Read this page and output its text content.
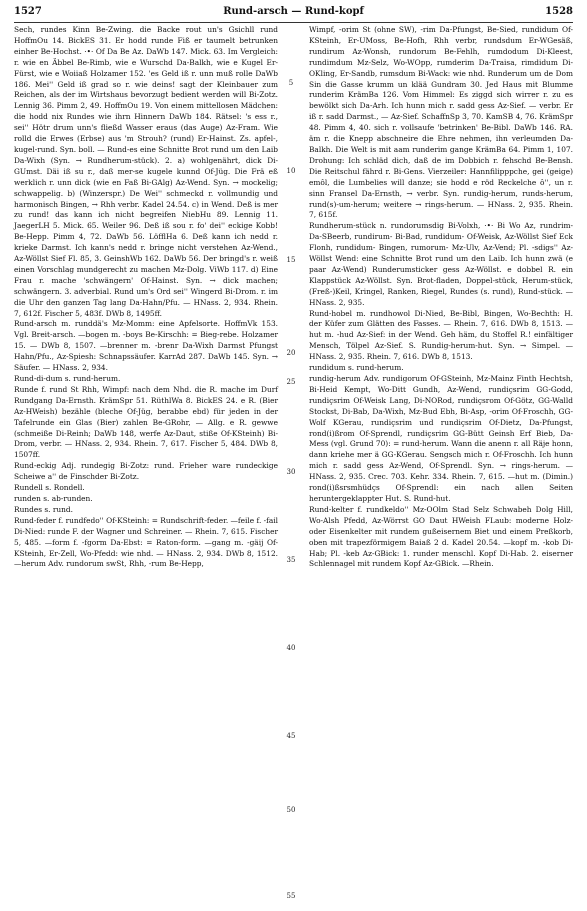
1527	Rund-arsch — Rund-kopf	1528

Sech, rundes Kinn Be-Zwing. die Backe rout un's Gsichll rund HoffmOu 14. BickES 31. Er hodd runde Fiß er taumelt betrunken einher Be-Hochst. ·•· Of Da Be Az. DaWb 147. Mick. 63. Im Vergleich: r. wie en Äbbel Be-Rimb, wie e Wurschd Da-Balkh, wie e Kugel Er-Fürst, wie e Woiiaß Holzamer 152. 'es Geld iß r. unn muß rolle DaWb 186. Mei'' Geld iß grad so r. wie deins! sagt der Kleinbauer zum Reichen, als der im Wirtshaus bevorzugt bedient werden will Bi-Zotz. Lennig 36. Pimm 2, 49. HoffmOu 19. Von einem mittellosen Mädchen: die hodd nix Rundes wie ihrn Hinnern DaWb 184. Rätsel: 's ess r., sei'' Hötr drum unn's fließd Wasser eraus (das Auge) Az-Fram. Wie rolld die Erwes (Erbse) aus 'm Strouh? (rund) Er-Hainst. Zs. apfel-, kugel-rund. Syn. boll. — Rund-es eine Schnitte Brot rund um den Laib Da-Wixh (Syn. → Rundherum-stück). 2. a) wohlgenährt, dick Di-GUmst. Däi iß su r., daß mer-se kugele kunnd Of-Jüg. Die Frä eß werklich r. unn dick (wie en Faß Bi-GAlg) Az-Wend. Syn. → mockelig; schwappelig. b) (Winzerspr.) De Wei'' schmeckd r. vollmundig und harmonisch Bingen, → Rhh verbr. Kadel 24.54. c) in Wend. Deß is mer zu rund! das kann ich nicht begreifen NiebHu 89. Lennig 11. JaegerLH 5. Mick. 65. Weiler 96. Deß iß sou r. fo' dei'' eckige Kobb! Be-Hepp. Pimm 4, 72. DaWb 56. LöfflHa 6. Deß kann ich nedd r. krieke Darmst. Ich kann's nedd r. bringe nicht verstehen Az-Wend., Az-Wöllst Sief Fl. 85, 3. GeinshWb 162. DaWb 56. Der bringd's r. weiß einen Vorschlag mundgerecht zu machen Mz-Dolg. ViWb 117. d) Eine Frau r. mache 'schwängern' Of-Hainst. Syn. → dick machen; schwängern. 3. adverbial. Rund um's Ord sei'' Wingerd Bi-Drom. r. im die Uhr den ganzen Tag lang Da-Hahn/Pfu. — HNass. 2, 934. Rhein. 7, 612f. Fischer 5, 483f. DWb 8, 1495ff.

Rund-arsch m. runddä's Mz-Momm: eine Apfelsorte. HoffmVk 153. Vgl. Breit-arsch. —bogen m. -boys Be-Kirschh: = Bieg-rebe. Holzamer 15. — DWb 8, 1507. —brenner m. -brenr Da-Wixh Darmst Pfungst Hahn/Pfu., Az-Spiesh: Schnapssäufer. KarrAd 287. DaWb 145. Syn. → Säufer. — HNass. 2, 934.

Rund-di-dum s. rund-herum.

Runde f. rund St Rhh, Wimpf: nach dem Nhd. die R. mache im Durf Rundgang Da-Ernsth. KrämSpr 51. RüthlWa 8. BickES 24. e R. (Bier Az-HWeish) bezähle (bleche Of-Jüg, berabbe ebd) für jeden in der Tafelrunde ein Glas (Bier) zahlen Be-GRohr, — Allg. e R. gewwe (schmeiße Di-Reinh; DaWb 148, werfe Az-Daut, stiße Of-KSteinh) Bi-Drom, verbr. — HNass. 2, 934. Rhein. 7, 617. Fischer 5, 484. DWb 8, 1507ff.

Rund-eckig Adj. rundegig Bi-Zotz: rund. Frieher ware rundeckige Scheiwe a'' de Finschder Bi-Zotz.

Rundell s. Rondell.

runden s. ab-runden.

Rundes s. rund.

Rund-feder f. rundfedo'' Of-KSteinh: = Rundschrift-feder. —feile f. -fail Di-Nied: runde F. der Wagner und Schreiner. — Rhein. 7, 615. Fischer 5, 485. —form f. -fgorm Da-Ebst: = Raton-form. —gang m. -gäij Of-KSteinh, Er-Zell, Wo-Pfedd: wie nhd. — HNass. 2, 934. DWb 8, 1512. —herum Adv. rundorum swSt, Rhh, -rum Be-Hepp,

5
10
15
20
25
30
35
40
45
50
55

Wimpf, -orim St (ohne SW), -rim Da-Pfungst, Be-Sied, rundidum Of-KSteinh, Er-UMoss, Be-Hofh, Rhh verbr, rundsdum Er-WGesäß, rundirum Az-Wonsh, rundorum Be-Fehlh, rumdodum Di-Kleest, rundimdum Mz-Selz, Wo-WOpp, rumderim Da-Traisa, rimdidum Di-OKling, Er-Sandb, rumsdum Bi-Wack: wie nhd. Runderum um de Dom Sin die Gasse krumm un klää Gundram 30. Jed Haus mit Blumme runderim KrämBa 126. Vom Himmel: Es ziggd sich wirrer r. zu es bewölkt sich Da-Arh. Ich hunn mich r. sadd gess Az-Sief. — verbr. Er iß r. sadd Darmst., — Az-Sief. SchaffnSp 3, 70. KamSB 4, 76. KrämSpr 48. Pimm 4, 40. sich r. vollsaufe 'betrinken' Be-Bibl. DaWb 146. RA. äm r. die Knepp abschneire die Ehre nehmen, ihn verleumden Da-Balkh. Die Welt is mit aam runderim gange KrämBa 64. Pimm 1, 107. Drohung: Ich schläd dich, daß de im Dobbich r. fehschd Be-Bensh. Die Reitschul fährd r. Bi-Gens. Vierzeiler: Hannfilipppche, gei (geige) emôl, die Lumbelies will danze; sie hodd e röd Reckelche ô'', un r. sinn Fransel Da-Ernsth, → verbr. Syn. rundig-herum, runds-herum, rund(s)-um-herum; weitere → rings-herum. — HNass. 2, 935. Rhein. 7, 615f.

Rundherum-stück n. rundorumsdig Bi-Volxh, ·•· Bi Wo Az, rundrim- Da-SBeerb, rundirum- Bi-Bad, rundidum- Of-Weisk, Az-Wöllst Sief Eck Flonh, rundidum- Bingen, rumorum- Mz-Ulv, Az-Vend; Pl. -sdigs'' Az-Wöllst Wend: eine Schnitte Brot rund um den Laib. Ich hunn zwä (e paar Az-Wend) Runderumsticker gess Az-Wöllst. e dobbel R. ein Klappstück Az-Wöllst. Syn. Brot-fladen, Doppel-stück, Herum-stück, (Freß-)Keil, Kringel, Ranken, Riegel, Rundes (s. rund), Rund-stück. — HNass. 2, 935.

Rund-hobel m. rundhowol Di-Nied, Be-Bibl, Bingen, Wo-Bechth: H. der Küfer zum Glätten des Fasses. — Rhein. 7, 616. DWb 8, 1513. —hut m. -hud Az-Sief: in der Wend. Geh häm, du Stoffel R.! einfältiger Mensch, Tölpel Az-Sief. S. Rundig-herum-hut. Syn. → Simpel. — HNass. 2, 935. Rhein. 7, 616. DWb 8, 1513.

rundidum s. rund-herum.

rundig-herum Adv. rundigorum Of-GSteinh, Mz-Mainz Finth Hechtsh, Bi-Heid Kempt, Wo-Ditt Gundh, Az-Wend, rundiçsrim GG-Godd, rundiçsrim Of-Weisk Lang, Di-NORod, rundiçsrom Of-Götz, GG-Walld Stockst, Di-Bab, Da-Wixh, Mz-Bud Ebh, Bi-Asp, -orim Of-Froschh, GG-Wolf KGerau, rundiçsrim und rundiçsrim Of-Dietz, Da-Pfungst, rond(i)ßrom Of-Sprendl, rundiçsrim GG-Bütt Geinsh Erf Bieb, Da-Mess (vgl. Grund 70): = rund-herum. Wann die anenn r. all Räje honn, dann kriehe mer ä GG-KGerau. Sengsch mich r. Of-Froschh. Ich hunn mich r. sadd gess Az-Wend, Of-Sprendl. Syn. → rings-herum. — HNass. 2, 935. Crec. 703. Kehr. 334. Rhein. 7, 615. —hut m. (Dimin.) rond(i)ßsrsmhüdçs Of-Sprendl: ein nach allen Seiten heruntergeklappter Hut. S. Rund-hut.

Rund-kelter f. rundkeldo'' Mz-OOlm Stad Selz Schwabeh Dolg Hill, Wo-Alsh Pfedd, Az-Wörrst GO Daut HWeish FLaub: moderne Holz- oder Eisenkelter mit rundem gußeisernem Biet und einem Preßkorb, oben mit trapezförmigem Baiaß 2 d. Kadel 20.54. —kopf m. -kob Di-Hab; Pl. -keb Az-GBick: 1. runder menschl. Kopf Di-Hab. 2. eiserner Schlennagel mit rundem Kopf Az-GBick. —Rhein.
